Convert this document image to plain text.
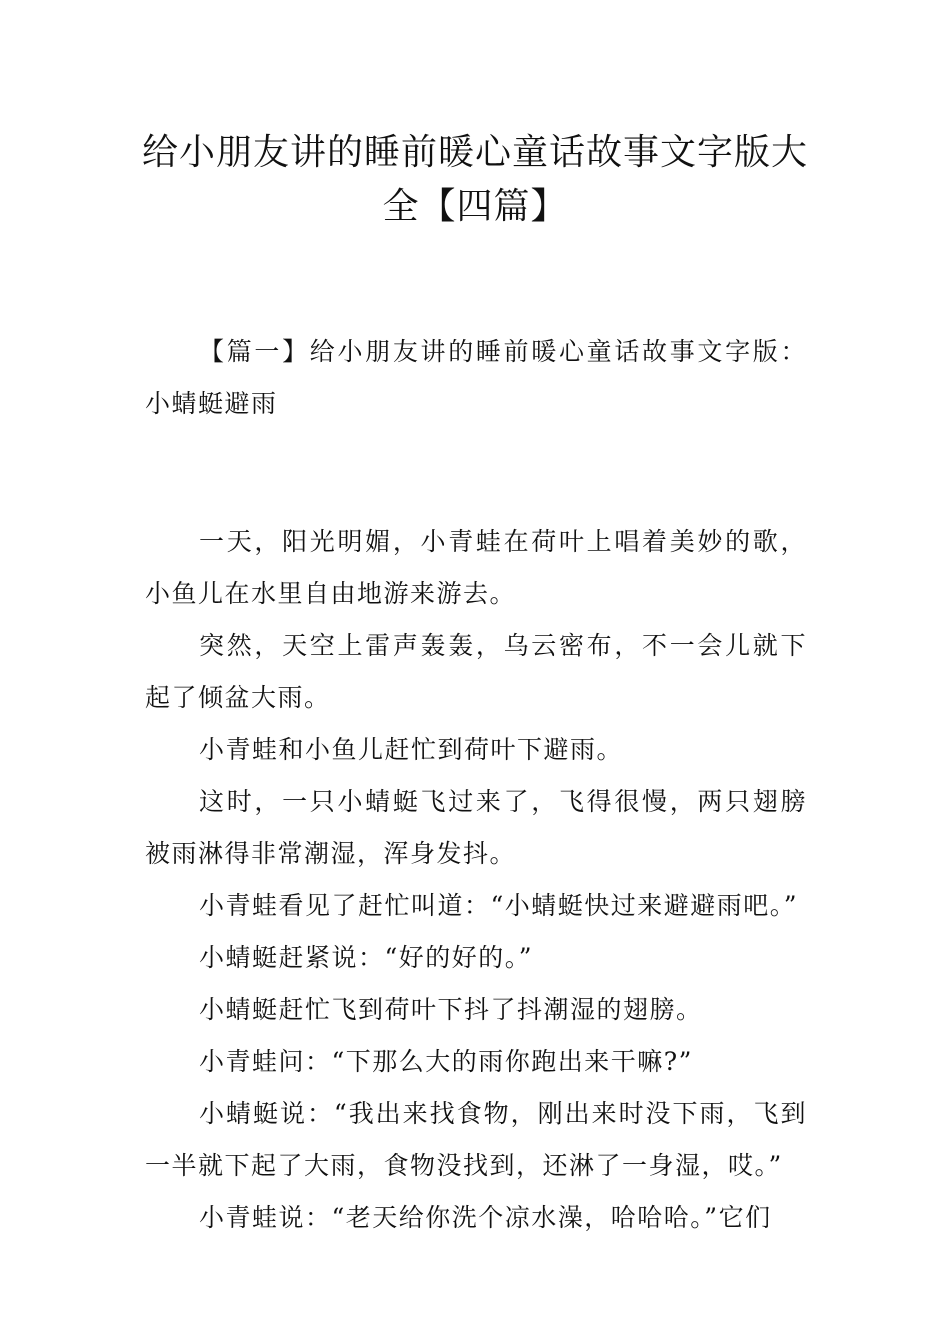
给小朋友讲的睡前暖心童话故事文字版大
全【四篇】

【篇一】给小朋友讲的睡前暖心童话故事文字版：小蜻蜓避雨

一天，阳光明媚，小青蛙在荷叶上唱着美妙的歌，小鱼儿在水里自由地游来游去。

突然，天空上雷声轰轰，乌云密布，不一会儿就下起了倾盆大雨。

小青蛙和小鱼儿赶忙到荷叶下避雨。

这时，一只小蜻蜓飞过来了，飞得很慢，两只翅膀被雨淋得非常潮湿，浑身发抖。

小青蛙看见了赶忙叫道：“小蜻蜓快过来避避雨吧。”

小蜻蜓赶紧说：“好的好的。”

小蜻蜓赶忙飞到荷叶下抖了抖潮湿的翅膀。

小青蛙问：“下那么大的雨你跑出来干嘛?”

小蜻蜓说：“我出来找食物，刚出来时没下雨，飞到一半就下起了大雨，食物没找到，还淋了一身湿，哎。”

小青蛙说：“老天给你洗个凉水澡，哈哈哈。”它们
